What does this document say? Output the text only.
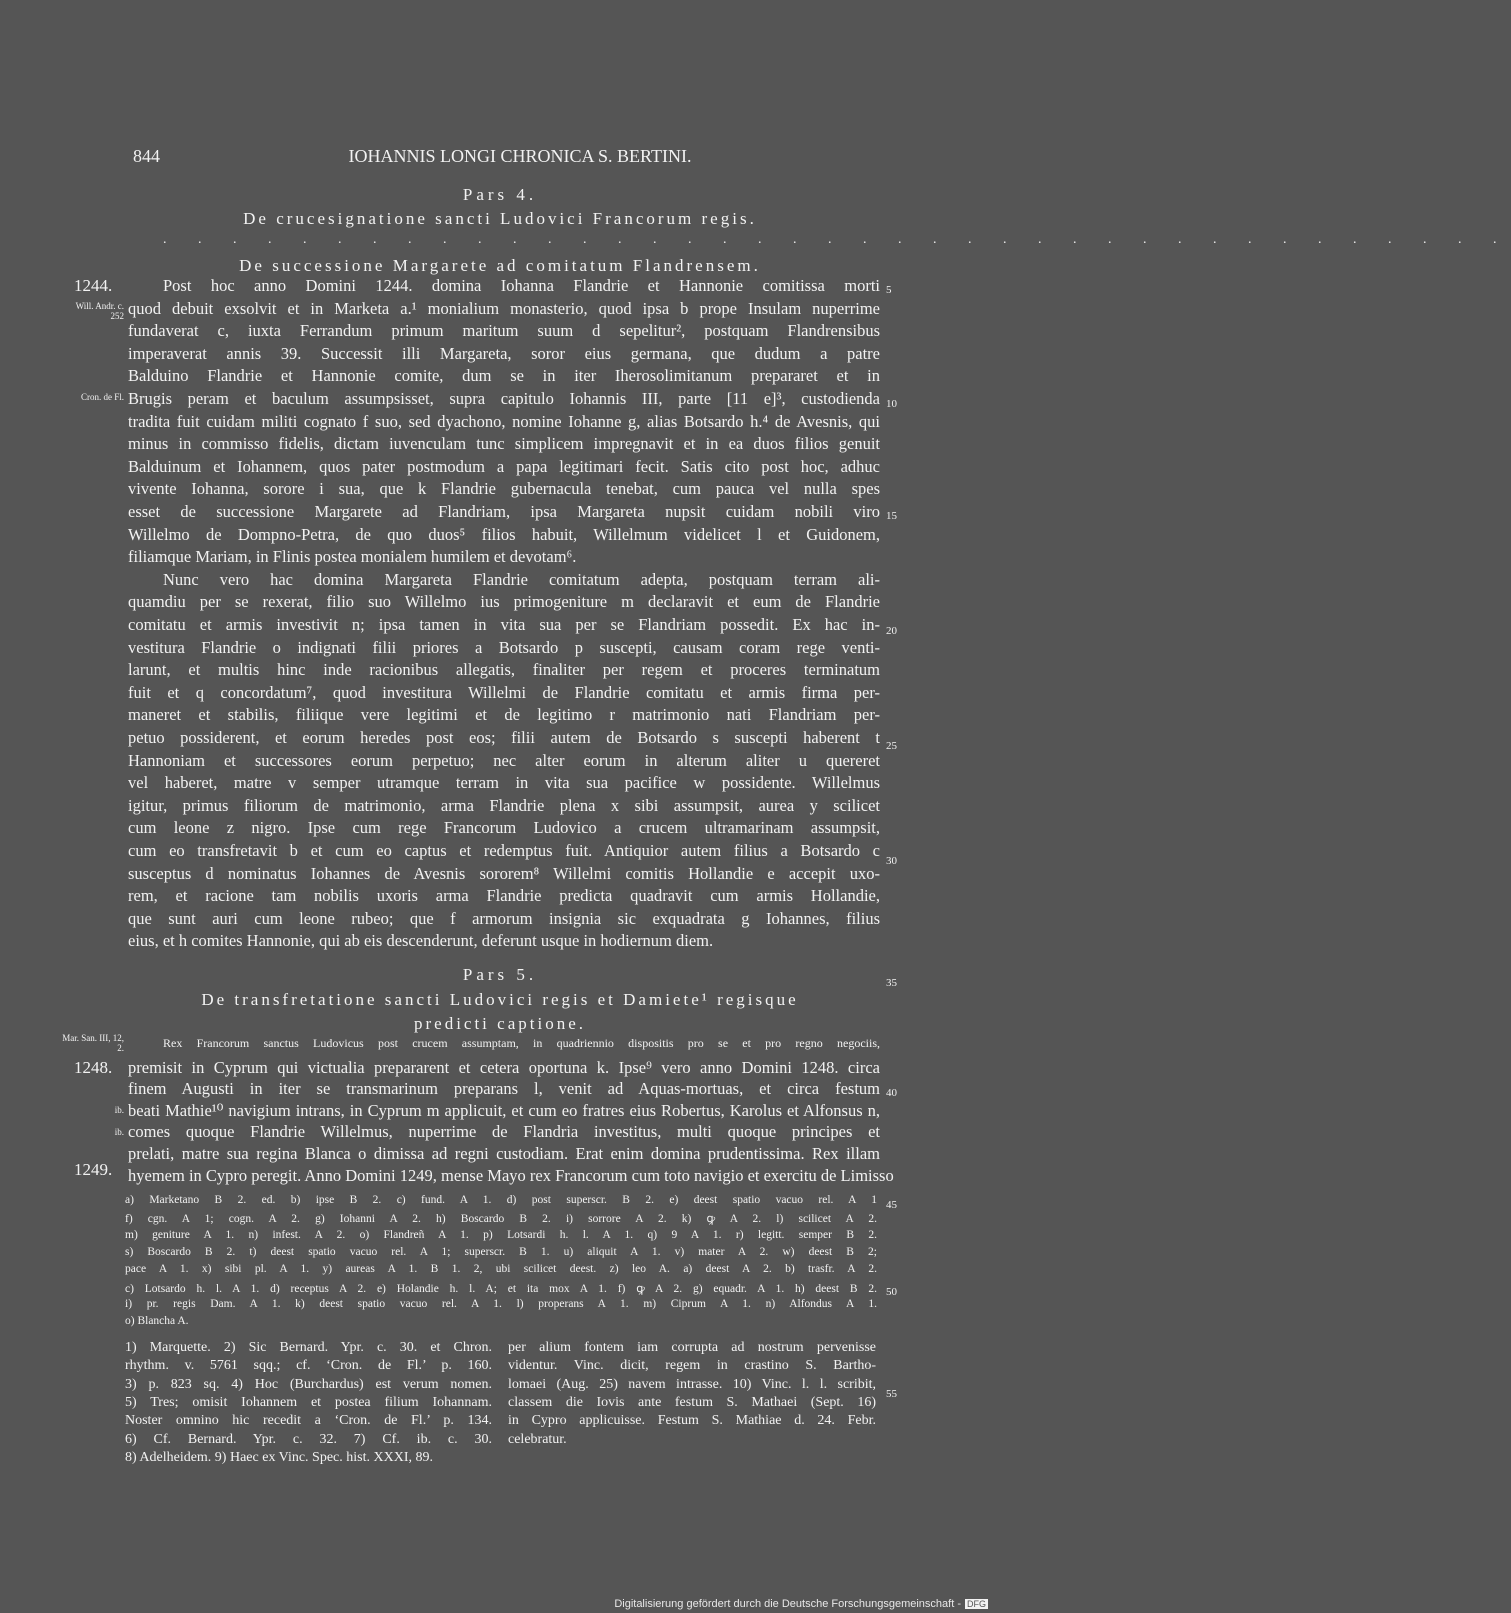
844	IOHANNIS LONGI CHRONICA S. BERTINI.
Pars 4.
De crucesignatione sancti Ludovici Francorum regis.
. . . . . . . . . . . . . . . . . . . . . . . . . . . . . . . . . . . . . . .
De successione Margarete ad comitatum Flandrensem.
1244.
1248.
1249.
Will. Andr. c. 252
Cron. de Fl.
Mar. San. III, 12, 2.
ib.
ib.
5
10
15
20
25
30
35
40
45
50
55
Post hoc anno Domini 1244. domina Iohanna Flandrie et Hannonie comitissa morti
quod debuit exsolvit et in Marketa a.¹ monialium monasterio, quod ipsa b prope Insulam nuperrime
fundaverat c, iuxta Ferrandum primum maritum suum d sepelitur², postquam Flandrensibus
imperaverat annis 39. Successit illi Margareta, soror eius germana, que dudum a patre
Balduino Flandrie et Hannonie comite, dum se in iter Iherosolimitanum prepararet et in
Brugis peram et baculum assumpsisset, supra capitulo Iohannis III, parte [11 e]³, custodienda
tradita fuit cuidam militi cognato f suo, sed dyachono, nomine Iohanne g, alias Botsardo h.⁴ de Avesnis, qui
minus in commisso fidelis, dictam iuvenculam tunc simplicem impregnavit et in ea duos filios genuit
Balduinum et Iohannem, quos pater postmodum a papa legitimari fecit. Satis cito post hoc, adhuc
vivente Iohanna, sorore i sua, que k Flandrie gubernacula tenebat, cum pauca vel nulla spes
esset de successione Margarete ad Flandriam, ipsa Margareta nupsit cuidam nobili viro
Willelmo de Dompno-Petra, de quo duos⁵ filios habuit, Willelmum videlicet l et Guidonem,
filiamque Mariam, in Flinis postea monialem humilem et devotam⁶.
Nunc vero hac domina Margareta Flandrie comitatum adepta, postquam terram ali-
quamdiu per se rexerat, filio suo Willelmo ius primogeniture m declaravit et eum de Flandrie
comitatu et armis investivit n; ipsa tamen in vita sua per se Flandriam possedit. Ex hac in-
vestitura Flandrie o indignati filii priores a Botsardo p suscepti, causam coram rege venti-
larunt, et multis hinc inde racionibus allegatis, finaliter per regem et proceres terminatum
fuit et q concordatum⁷, quod investitura Willelmi de Flandrie comitatu et armis firma per-
maneret et stabilis, filiique vere legitimi et de legitimo r matrimonio nati Flandriam per-
petuo possiderent, et eorum heredes post eos; filii autem de Botsardo s suscepti haberent t
Hannoniam et successores eorum perpetuo; nec alter eorum in alterum aliter u quereret
vel haberet, matre v semper utramque terram in vita sua pacifice w possidente. Willelmus
igitur, primus filiorum de matrimonio, arma Flandrie plena x sibi assumpsit, aurea y scilicet
cum leone z nigro. Ipse cum rege Francorum Ludovico a crucem ultramarinam assumpsit,
cum eo transfretavit b et cum eo captus et redemptus fuit. Antiquior autem filius a Botsardo c
susceptus d nominatus Iohannes de Avesnis sororem⁸ Willelmi comitis Hollandie e accepit uxo-
rem, et racione tam nobilis uxoris arma Flandrie predicta quadravit cum armis Hollandie,
que sunt auri cum leone rubeo; que f armorum insignia sic exquadrata g Iohannes, filius
eius, et h comites Hannonie, qui ab eis descenderunt, deferunt usque in hodiernum diem.
Pars 5.
De transfretatione sancti Ludovici regis et Damiete¹ regisque
predicti captione.
Rex Francorum sanctus Ludovicus post crucem assumptam, in quadriennio dispositis pro se et pro regno negociis,
premisit in Cyprum qui victualia prepararent et cetera oportuna k. Ipse⁹ vero anno Domini 1248. circa
finem Augusti in iter se transmarinum preparans l, venit ad Aquas-mortuas, et circa festum
beati Mathie¹⁰ navigium intrans, in Cyprum m applicuit, et cum eo fratres eius Robertus, Karolus et Alfonsus n,
comes quoque Flandrie Willelmus, nuperrime de Flandria investitus, multi quoque principes et
prelati, matre sua regina Blanca o dimissa ad regni custodiam. Erat enim domina prudentissima. Rex illam
hyemem in Cypro peregit. Anno Domini 1249, mense Mayo rex Francorum cum toto navigio et exercitu de Limisso
a) Marketano B 2. ed. b) ipse B 2. c) fund. A 1. d) post superscr. B 2. e) deest spatio vacuo rel. A 1
f) cgn. A 1; cogn. A 2. g) Iohanni A 2. h) Boscardo B 2. i) sorrore A 2. k) ꝙ A 2. l) scilicet A 2.
m) geniture A 1. n) infest. A 2. o) Flandreñ A 1. p) Lotsardi h. l. A 1. q) 9 A 1. r) legitt. semper B 2.
s) Boscardo B 2. t) deest spatio vacuo rel. A 1; superscr. B 1. u) aliquit A 1. v) mater A 2. w) deest B 2;
pace A 1. x) sibi pl. A 1. y) aureas A 1. B 1. 2, ubi scilicet deest. z) leo A. a) deest A 2. b) trasfr. A 2.
c) Lotsardo h. l. A 1. d) receptus A 2. e) Holandie h. l. A; et ita mox A 1. f) ꝙ A 2. g) equadr. A 1. h) deest B 2.
i) pr. regis Dam. A 1. k) deest spatio vacuo rel. A 1. l) properans A 1. m) Ciprum A 1. n) Alfondus A 1.
o) Blancha A.
1) Marquette. 2) Sic Bernard. Ypr. c. 30. et Chron.
rhythm. v. 5761 sqq.; cf. ‘Cron. de Fl.’ p. 160.
3) p. 823 sq. 4) Hoc (Burchardus) est verum nomen.
5) Tres; omisit Iohannem et postea filium Iohannam.
Noster omnino hic recedit a ‘Cron. de Fl.’ p. 134.
6) Cf. Bernard. Ypr. c. 32. 7) Cf. ib. c. 30.
8) Adelheidem. 9) Haec ex Vinc. Spec. hist. XXXI, 89.
per alium fontem iam corrupta ad nostrum pervenisse
videntur. Vinc. dicit, regem in crastino S. Bartho-
lomaei (Aug. 25) navem intrasse. 10) Vinc. l. l. scribit,
classem die Iovis ante festum S. Mathaei (Sept. 16)
in Cypro applicuisse. Festum S. Mathiae d. 24. Febr.
celebratur.
Digitalisierung gefördert durch die Deutsche Forschungsgemeinschaft - DFG
